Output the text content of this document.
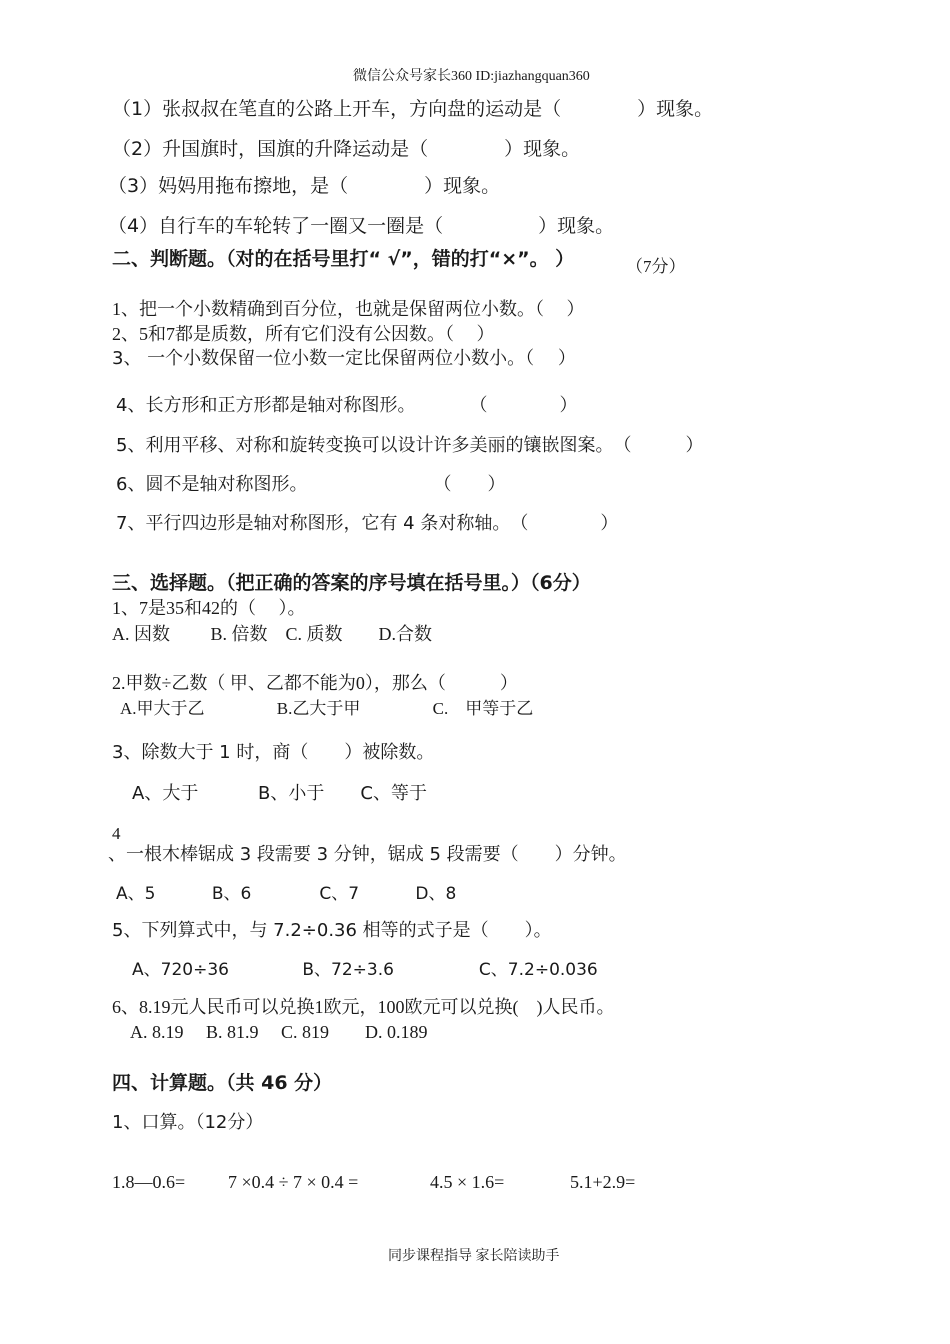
微信公众号家长360 ID:jiazhangquan360
（1）张叔叔在笔直的公路上开车，方向盘的运动是（　　　　）现象。
（2）升国旗时，国旗的升降运动是（　　　　）现象。
（3）妈妈用拖布擦地，是（　　　　）现象。
（4）自行车的车轮转了一圈又一圈是（　　　　　）现象。
二、判断题。（对的在括号里打“ √”，错的打“×”。 ）	（7分）
1、把一个小数精确到百分位，也就是保留两位小数。（　 ）
2、5和7都是质数，所有它们没有公因数。（　 ）
3、 一个小数保留一位小数一定比保留两位小数小。（　 ）
4、长方形和正方形都是轴对称图形。　　　　（　　　　）
5、利用平移、对称和旋转变换可以设计许多美丽的镶嵌图案。　（　　　）
6、圆不是轴对称图形。　　　　　　　　（　　）
7、平行四边形是轴对称图形，它有 4 条对称轴。　（　　　　）
三、选择题。（把正确的答案的序号填在括号里。）（6分）
1、7是35和42的（　 ）。
A. 因数　　 B. 倍数　C. 质数　　D.合数
2.甲数÷乙数（ 甲、乙都不能为0），那么（　　　）
A.甲大于乙　　　　 B.乙大于甲　　　　 C.　甲等于乙
3、除数大于 1 时，商（　　）被除数。
A、大于　　　 B、小于　　C、等于
4
、一根木棒锯成 3 段需要 3 分钟，锯成 5 段需要（　　）分钟。
A、5　　　 B、6　　　　C、7　　　 D、8
5、下列算式中，与 7.2÷0.36 相等的式子是（　　）。
A、720÷36　　　　 B、72÷3.6　　　　　C、7.2÷0.036
6、8.19元人民币可以兑换1欧元，100欧元可以兑换(　)人民币。
A. 8.19　 B. 81.9　 C. 819　　D. 0.189
四、计算题。（共 46 分）
1、口算。（12分）
1.8—0.6= 7 ×0.4 ÷ 7 × 0.4 =	4.5 × 1.6=	5.1+2.9=
同步课程指导 家长陪读助手
